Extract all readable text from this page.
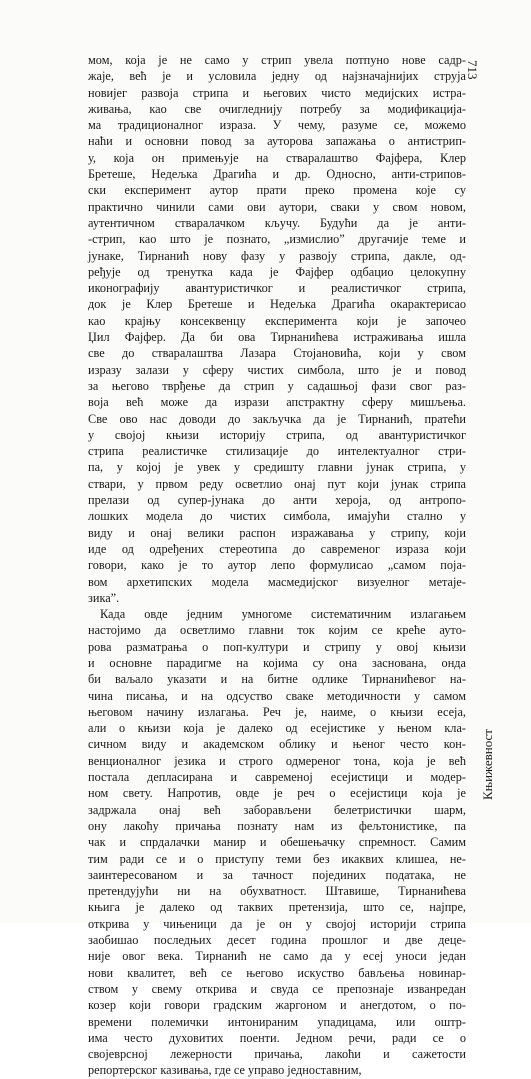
713
мом, која је не само у стрип увела потпуно нове садр-
жаје, већ је и условила једну од најзначајнијих струја
новијег развоја стрипа и његових чисто медијских истра-
живања, као све очигледнију потребу за модификација-
ма традиционалног израза. У чему, разуме се, можемо
наћи и основни повод за ауторова запажања о антистрип-
у, која он примењује на стваралаштво Фајфера, Клер
Бретеше, Недељка Драгића и др. Односно, анти-стрипов-
ски експеримент аутор прати преко промена које су
практично чинили сами ови аутори, сваки у свом новом,
аутентичном стваралачком кључу. Будући да је анти-
-стрип, као што је познато, „измислио” другачије теме и
јунаке, Тирнанић нову фазу у развоју стрипа, дакле, од-
ређује од тренутка када је Фајфер одбацио целокупну
иконографију авантуристичког и реалистичког стрипа,
док је Клер Бретеше и Недељка Драгића окарактерисао
као крајњу консеквенцу експеримента који је започео
Џил Фајфер. Да би ова Тирнанићева истраживања ишла
све до стваралаштва Лазара Стојановића, који у свом
изразу залази у сферу чистих симбола, што је и повод
за његово тврђење да стрип у садашњој фази свог раз-
воја већ може да изрази апстрактну сферу мишљења.
Све ово нас доводи до закључка да је Тирнанић, пратећи
у својој књизи историју стрипа, од авантуристичког
стрипа реалистичке стилизације до интелектуалног стри-
па, у којој је увек у средишту главни јунак стрипа, у
ствари, у првом реду осветлио онај пут који јунак стрипа
прелази од супер-јунака до анти хероја, од антропо-
лошких модела до чистих симбола, имајући стално у
виду и онај велики распон изражавања у стрипу, који
иде од одређених стереотипа до савременог израза који
говори, како је то аутор лепо формулисао „самом поја-
вом архетипских модела масмедијског визуелног метаје-
зика”.
Када овде једним умногоме систематичним излагањем
настојимо да осветлимо главни ток којим се креће аутo-
рова размaтрања о поп-култури и стрипу у овој књизи
и основне парадигме на којима су она заснована, онда
би ваљало указати и на битне одлике Тирнанићевог на-
чина писања, и на одсуство сваке методичности у самом
његовом начину излагања. Реч је, наиме, о књизи есеја,
али о књизи која је далеко од есејистике у њеном кла-
сичном виду и академском облику и њеног често кон-
венционалног језика и строго одмереног тона, која је већ
постала депласирана и савременој есејистици и модер-
ном свету. Напротив, овде је реч о есејистици која је
задржала онај већ заборављени белетристички шарм,
ону лакоћу причања познату нам из фељтонистике, па
чак и спрдалачки манир и обешењачку спремност. Самим
тим ради се и о приступу теми без икаквих клишеа, не-
заинтересованом и за тачност појединих података, не
претендујући ни на обухватност. Штавише, Тирнанићева
књига је далеко од таквих претензија, што се, најпре,
открива у чињеници да је он у својој историји стрипа
заобишао последњих десет година прошлог и две деце-
није овог века. Тирнанић не само да у есеј уноси један
нови квалитет, већ се његово искуство бављења новинар-
ством у свему открива и свуда се препознаје изванредан
козер који говори градским жаргоном и анегдотом, о по-
времени полемички интонираним упадицама, или оштр-
има често духовитих поенти. Једном речи, ради се о
својеврсној лежерности причања, лакоћи и сажетости
репортерског казивања, где се управо једноставним,
Књижевност
